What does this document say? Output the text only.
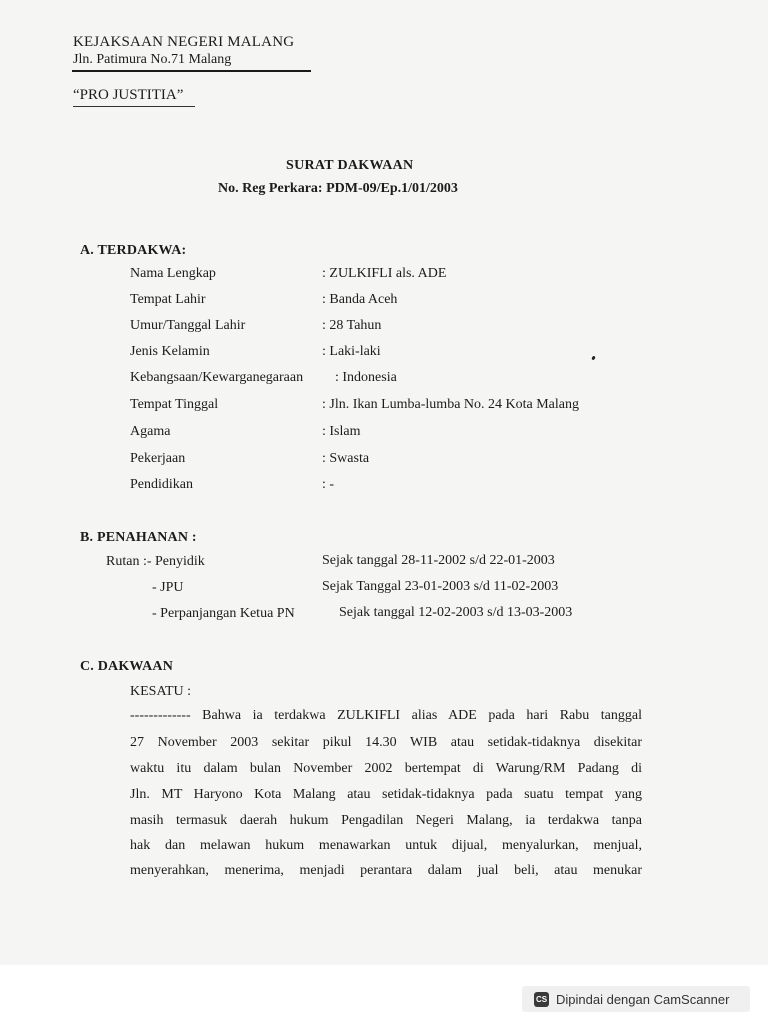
KEJAKSAAN NEGERI MALANG
Jln. Patimura No.71 Malang
“PRO JUSTITIA”
SURAT DAKWAAN
No. Reg Perkara: PDM-09/Ep.1/01/2003
A. TERDAKWA:
Nama Lengkap	: ZULKIFLI als. ADE
Tempat Lahir	: Banda Aceh
Umur/Tanggal Lahir	: 28 Tahun
Jenis Kelamin	: Laki-laki
Kebangsaan/Kewarganegaraan : Indonesia
Tempat Tinggal	: Jln. Ikan Lumba-lumba No. 24 Kota Malang
Agama	: Islam
Pekerjaan	: Swasta
Pendidikan	: -
B. PENAHANAN :
Rutan :- Penyidik	Sejak tanggal 28-11-2002 s/d 22-01-2003
- JPU	Sejak Tanggal 23-01-2003 s/d 11-02-2003
- Perpanjangan Ketua PN	Sejak tanggal 12-02-2003 s/d 13-03-2003
C. DAKWAAN
KESATU :
------------- Bahwa ia terdakwa ZULKIFLI alias ADE pada hari Rabu tanggal
27 November 2003 sekitar pikul 14.30 WIB atau setidak-tidaknya disekitar
waktu itu dalam bulan November 2002 bertempat di Warung/RM Padang di
Jln. MT Haryono Kota Malang atau setidak-tidaknya pada suatu tempat yang
masih termasuk daerah hukum Pengadilan Negeri Malang, ia terdakwa tanpa
hak dan melawan hukum menawarkan untuk dijual, menyalurkan, menjual,
menyerahkan, menerima, menjadi perantara dalam jual beli, atau menukar
CS Dipindai dengan CamScanner
